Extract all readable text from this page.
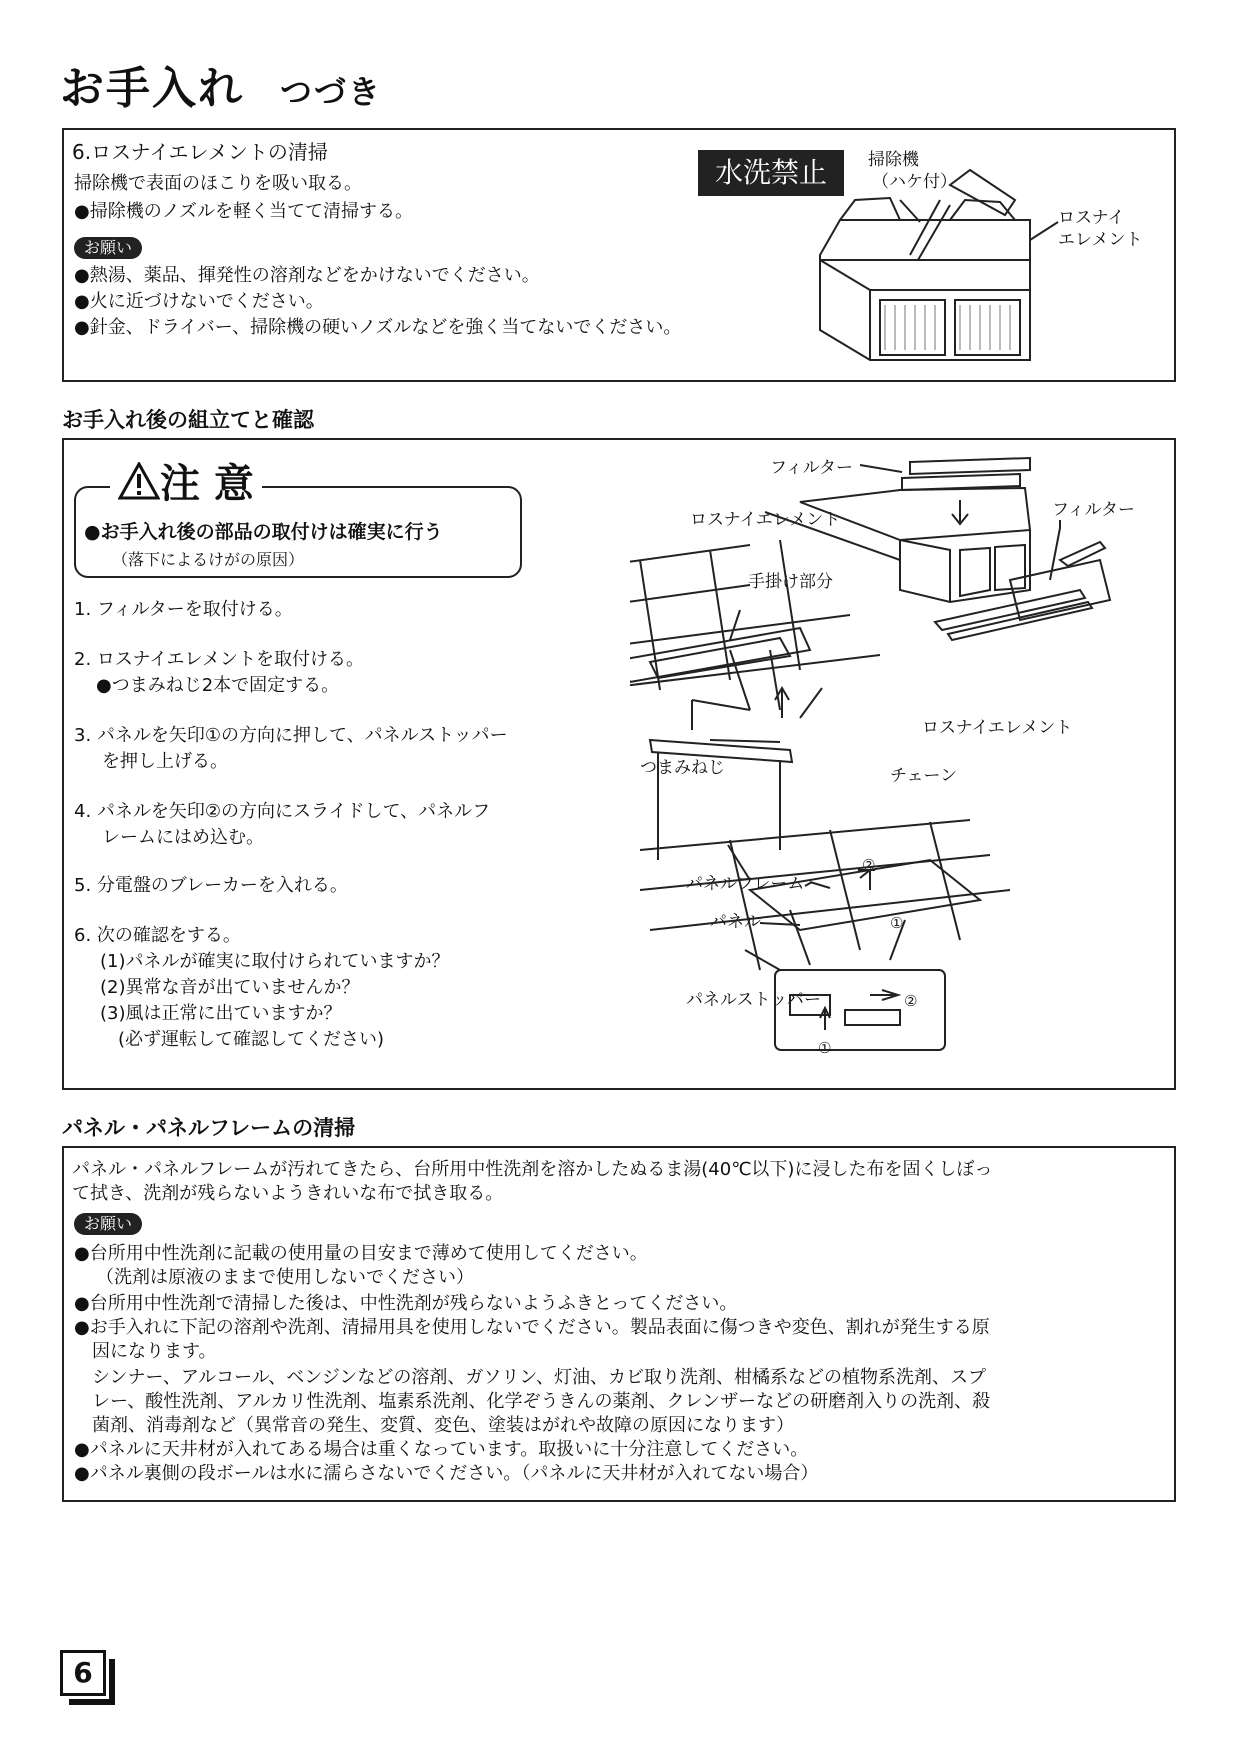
お手入れ つづき
6.ロスナイエレメントの清掃
掃除機で表面のほこりを吸い取る。
●掃除機のノズルを軽く当てて清掃する。
お願い
●熱湯、薬品、揮発性の溶剤などをかけないでください。
●火に近づけないでください。
●針金、ドライバー、掃除機の硬いノズルなどを強く当てないでください。
水洗禁止	掃除機
（ハケ付）
ロスナイ
エレメント
お手入れ後の組立てと確認
注 意
●お手入れ後の部品の取付けは確実に行う
（落下によるけがの原因）
1. フィルターを取付ける。
2. ロスナイエレメントを取付ける。
●つまみねじ2本で固定する。
3. パネルを矢印①の方向に押して、パネルストッパー
を押し上げる。
4. パネルを矢印②の方向にスライドして、パネルフ
レームにはめ込む。
5. 分電盤のブレーカーを入れる。
6. 次の確認をする。
(1)パネルが確実に取付けられていますか？
(2)異常な音が出ていませんか？
(3)風は正常に出ていますか？
(必ず運転して確認してください)
フィルター
ロスナイエレメント	フィルター
手掛け部分
ロスナイエレメント
つまみねじ	チェーン
パネルフレーム
パネル
パネルストッパー
②
①
②
①
パネル・パネルフレームの清掃
パネル・パネルフレームが汚れてきたら、台所用中性洗剤を溶かしたぬるま湯(40℃以下)に浸した布を固くしぼっ
て拭き、洗剤が残らないようきれいな布で拭き取る。
お願い
●台所用中性洗剤に記載の使用量の目安まで薄めて使用してください。
（洗剤は原液のままで使用しないでください）
●台所用中性洗剤で清掃した後は、中性洗剤が残らないようふきとってください。
●お手入れに下記の溶剤や洗剤、清掃用具を使用しないでください。製品表面に傷つきや変色、割れが発生する原
因になります。
シンナー、アルコール、ベンジンなどの溶剤、ガソリン、灯油、カビ取り洗剤、柑橘系などの植物系洗剤、スプ
レー、酸性洗剤、アルカリ性洗剤、塩素系洗剤、化学ぞうきんの薬剤、クレンザーなどの研磨剤入りの洗剤、殺
菌剤、消毒剤など（異常音の発生、変質、変色、塗装はがれや故障の原因になります）
●パネルに天井材が入れてある場合は重くなっています。取扱いに十分注意してください。
●パネル裏側の段ボールは水に濡らさないでください。（パネルに天井材が入れてない場合）
6
